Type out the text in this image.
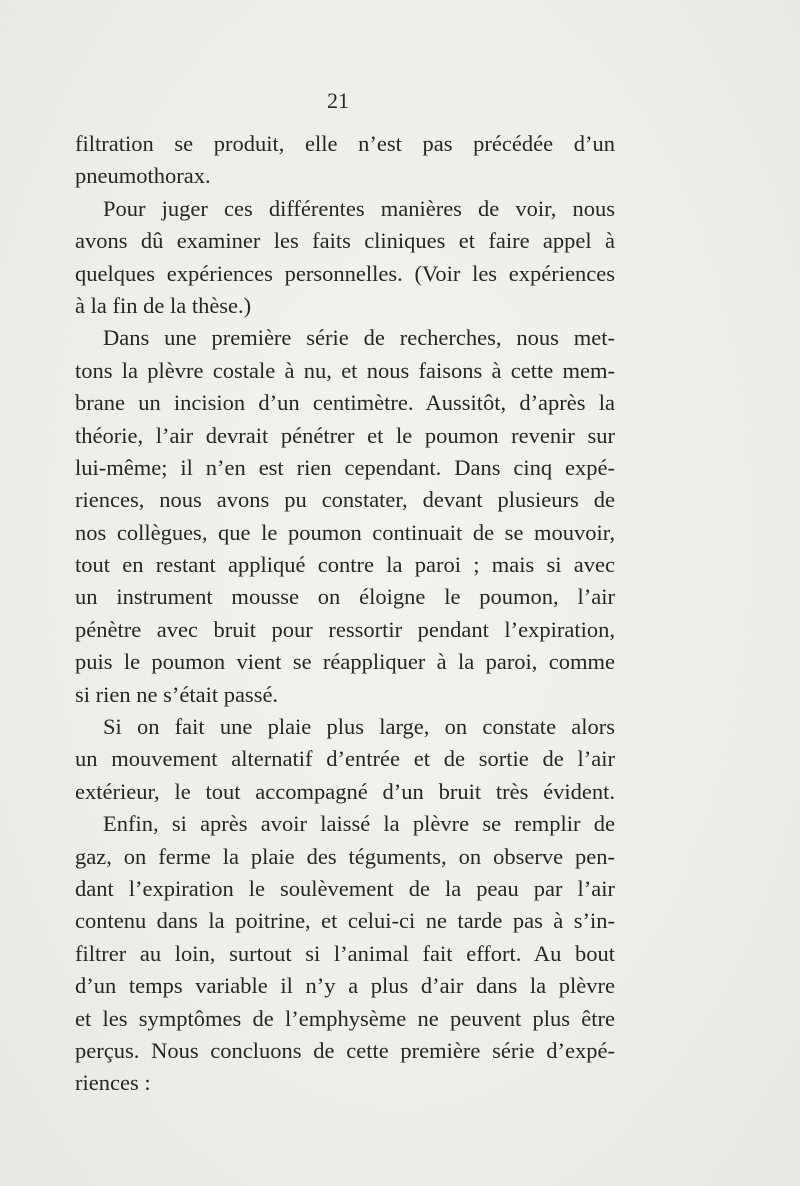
21
filtration se produit, elle n’est pas précédée d’un
pneumothorax.
Pour juger ces différentes manières de voir, nous
avons dû examiner les faits cliniques et faire appel à
quelques expériences personnelles. (Voir les expériences
à la fin de la thèse.)
Dans une première série de recherches, nous met-
tons la plèvre costale à nu, et nous faisons à cette mem-
brane un incision d’un centimètre. Aussitôt, d’après la
théorie, l’air devrait pénétrer et le poumon revenir sur
lui-même; il n’en est rien cependant. Dans cinq expé-
riences, nous avons pu constater, devant plusieurs de
nos collègues, que le poumon continuait de se mouvoir,
tout en restant appliqué contre la paroi ; mais si avec
un instrument mousse on éloigne le poumon, l’air
pénètre avec bruit pour ressortir pendant l’expiration,
puis le poumon vient se réappliquer à la paroi, comme
si rien ne s’était passé.
Si on fait une plaie plus large, on constate alors
un mouvement alternatif d’entrée et de sortie de l’air
extérieur, le tout accompagné d’un bruit très évident.
Enfin, si après avoir laissé la plèvre se remplir de
gaz, on ferme la plaie des téguments, on observe pen-
dant l’expiration le soulèvement de la peau par l’air
contenu dans la poitrine, et celui-ci ne tarde pas à s’in-
filtrer au loin, surtout si l’animal fait effort. Au bout
d’un temps variable il n’y a plus d’air dans la plèvre
et les symptômes de l’emphysème ne peuvent plus être
perçus. Nous concluons de cette première série d’expé-
riences :
